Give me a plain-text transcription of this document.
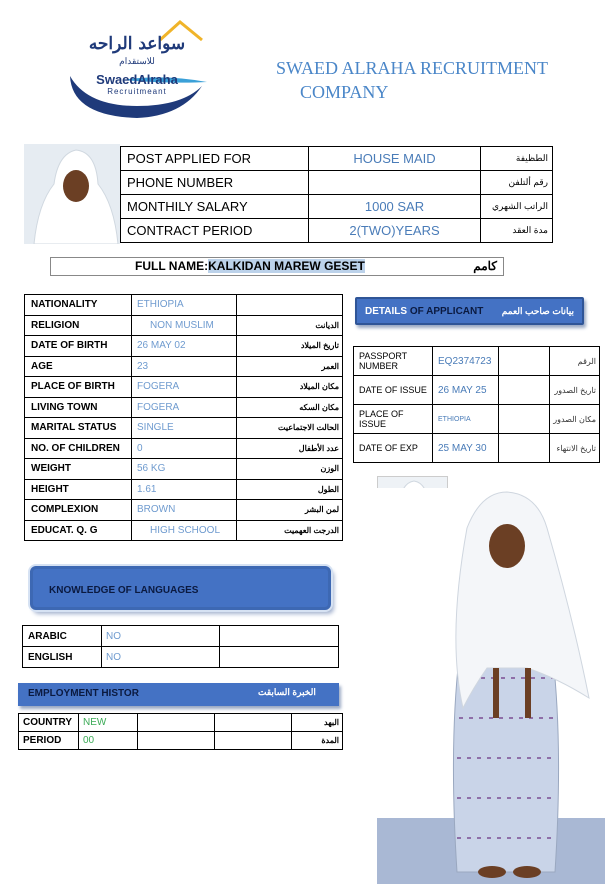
سواعد الراحه
للاستقدام
SwaedAlraha
Recruitmeant
SWAED ALRAHA RECRUITMENT
COMPANY
POST APPLIED FOR	HOUSE MAID	الطظيفة
PHONE NUMBER		رقم ألتلفن
MONTHILY SALARY	1000 SAR	الراتب الشهري
CONTRACT PERIOD	2(TWO)YEARS	مدة العقد
FULL NAME:KALKIDAN MAREW GESET	كامم
NATIONALITY	ETHIOPIA	
RELIGION	NON MUSLIM	الديانت
DATE OF BIRTH	26 MAY 02	تاريخ الميلاد
AGE	23	العمر
PLACE OF BIRTH	FOGERA	مكان الميلاد
LIVING TOWN	FOGERA	مكان السكه
MARITAL STATUS	SINGLE	الحالت الاجتماعيت
NO. OF CHILDREN	0	عدد الأطفال
WEIGHT	56 KG	الوزن
HEIGHT	1.61	الطول
COMPLEXION	BROWN	لمن البشر
EDUCAT. Q. G	HIGH SCHOOL	الدرجت العهميت
DETAILS OF APPLICANT بيانات صاحب العمم
PASSPORT NUMBER	EQ2374723		الرقم
DATE OF ISSUE	26 MAY 25		تاريخ الصدور
PLACE OF ISSUE	ETHIOPIA		مكان الصدور
DATE OF EXP	25 MAY 30		تاريخ الانتهاء
KNOWLEDGE OF LANGUAGES
ARABIC	NO	
ENGLISH	NO	
EMPLOYMENT HISTOR	الخبرة السابقت
COUNTRY	NEW			البهد
PERIOD	00			المدة
